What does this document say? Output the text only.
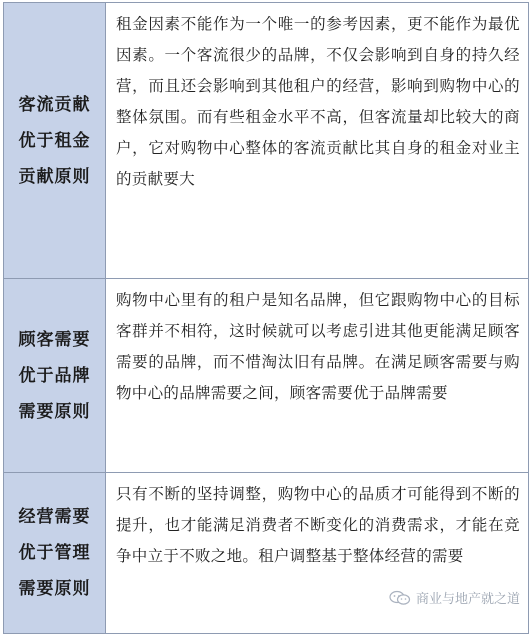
客流贡献优于租金贡献原则	租金因素不能作为一个唯一的参考因素，更不能作为最优因素。一个客流很少的品牌，不仅会影响到自身的持久经营，而且还会影响到其他租户的经营，影响到购物中心的整体氛围。而有些租金水平不高，但客流量却比较大的商户，它对购物中心整体的客流贡献比其自身的租金对业主的贡献要大

顾客需要优于品牌需要原则	购物中心里有的租户是知名品牌，但它跟购物中心的目标客群并不相符，这时候就可以考虑引进其他更能满足顾客需要的品牌，而不惜淘汰旧有品牌。在满足顾客需要与购物中心的品牌需要之间，顾客需要优于品牌需要

经营需要优于管理需要原则	只有不断的坚持调整，购物中心的品质才可能得到不断的提升，也才能满足消费者不断变化的消费需求，才能在竞争中立于不败之地。租户调整基于整体经营的需要
商业与地产就之道
